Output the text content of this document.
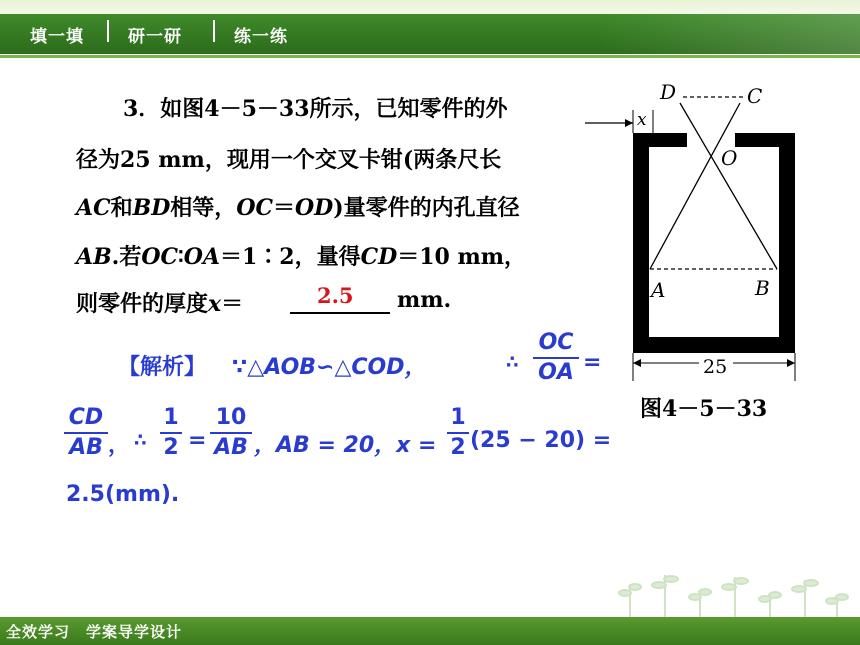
填一填	研一研	练一练
3．如图4－5－33所示，已知零件的外
径为25 mm，现用一个交叉卡钳(两条尺长
AC和BD相等，OC＝OD)量零件的内孔直径
AB.若OC∶OA＝1∶2，量得CD＝10 mm，
则零件的厚度x＝	2.5 mm.
【解析】 ∵△AOB∽△COD，	∴
OC
OA =
CD
AB ， ∴
1
2 =
10
AB ，AB = 20，x =
1
2 (25 − 20) =
2.5(mm).
D	C
x
O
A	B
25
图4－5－33
全效学习　学案导学设计
